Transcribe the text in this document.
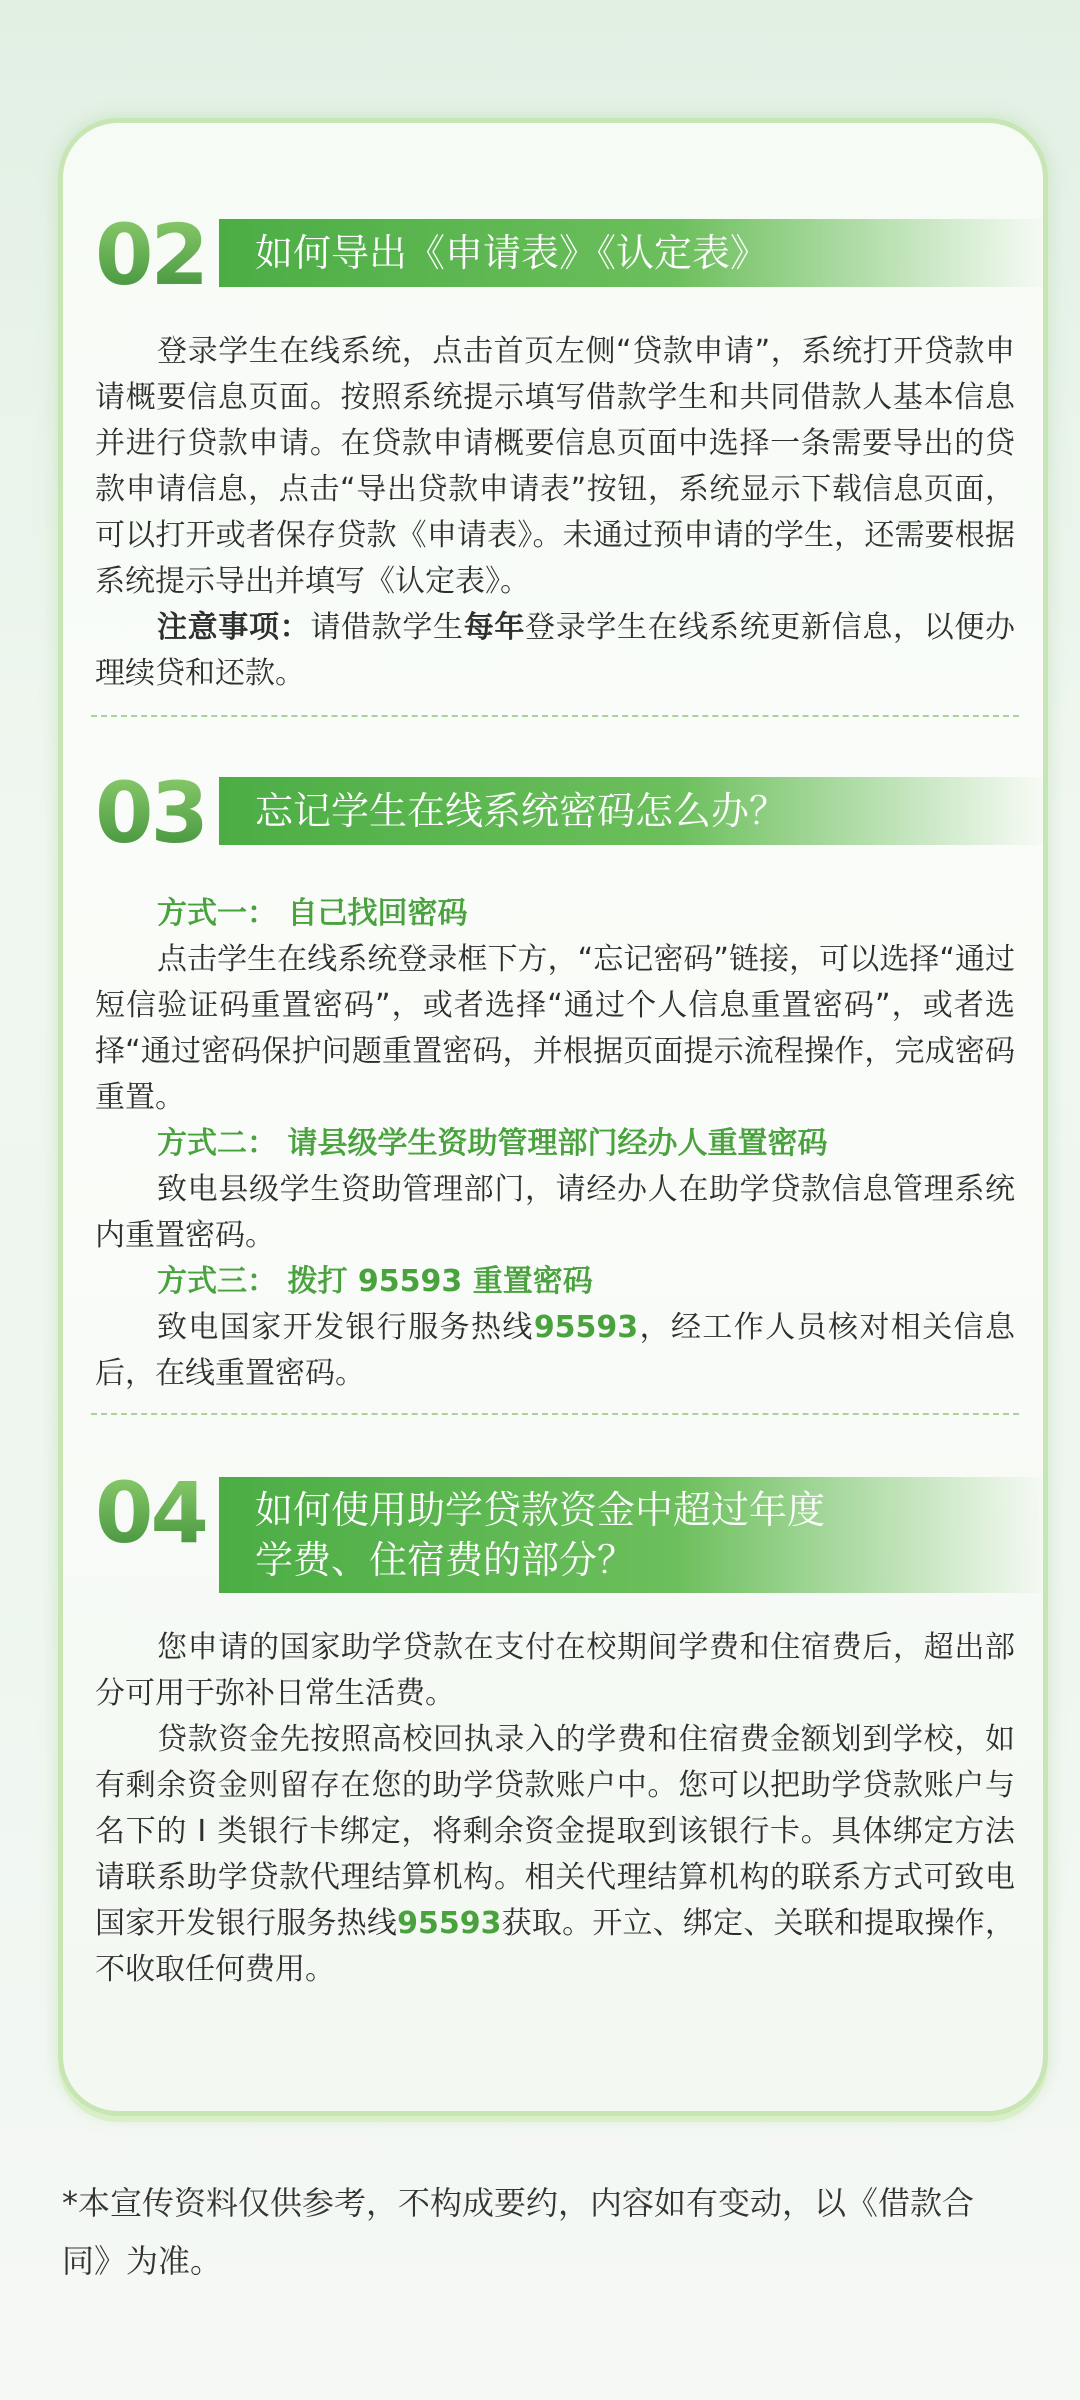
02	如何导出《申请表》《认定表》

登录学生在线系统，点击首页左侧“贷款申请”，系统打开贷款申请概要信息页面。按照系统提示填写借款学生和共同借款人基本信息并进行贷款申请。在贷款申请概要信息页面中选择一条需要导出的贷款申请信息，点击“导出贷款申请表”按钮，系统显示下载信息页面，可以打开或者保存贷款《申请表》。未通过预申请的学生，还需要根据系统提示导出并填写《认定表》。

注意事项：请借款学生每年登录学生在线系统更新信息，以便办理续贷和还款。

03	忘记学生在线系统密码怎么办？

方式一： 自己找回密码

点击学生在线系统登录框下方，“忘记密码”链接，可以选择“通过短信验证码重置密码”，或者选择“通过个人信息重置密码”，或者选择“通过密码保护问题重置密码，并根据页面提示流程操作，完成密码重置。

方式二： 请县级学生资助管理部门经办人重置密码

致电县级学生资助管理部门，请经办人在助学贷款信息管理系统内重置密码。

方式三： 拨打 95593 重置密码

致电国家开发银行服务热线95593，经工作人员核对相关信息后，在线重置密码。

04 如何使用助学贷款资金中超过年度
学费、住宿费的部分？

您申请的国家助学贷款在支付在校期间学费和住宿费后，超出部分可用于弥补日常生活费。

贷款资金先按照高校回执录入的学费和住宿费金额划到学校，如有剩余资金则留存在您的助学贷款账户中。您可以把助学贷款账户与名下的 Ⅰ 类银行卡绑定，将剩余资金提取到该银行卡。具体绑定方法请联系助学贷款代理结算机构。相关代理结算机构的联系方式可致电国家开发银行服务热线95593获取。开立、绑定、关联和提取操作，不收取任何费用。

*本宣传资料仅供参考，不构成要约，内容如有变动，以《借款合同》为准。
